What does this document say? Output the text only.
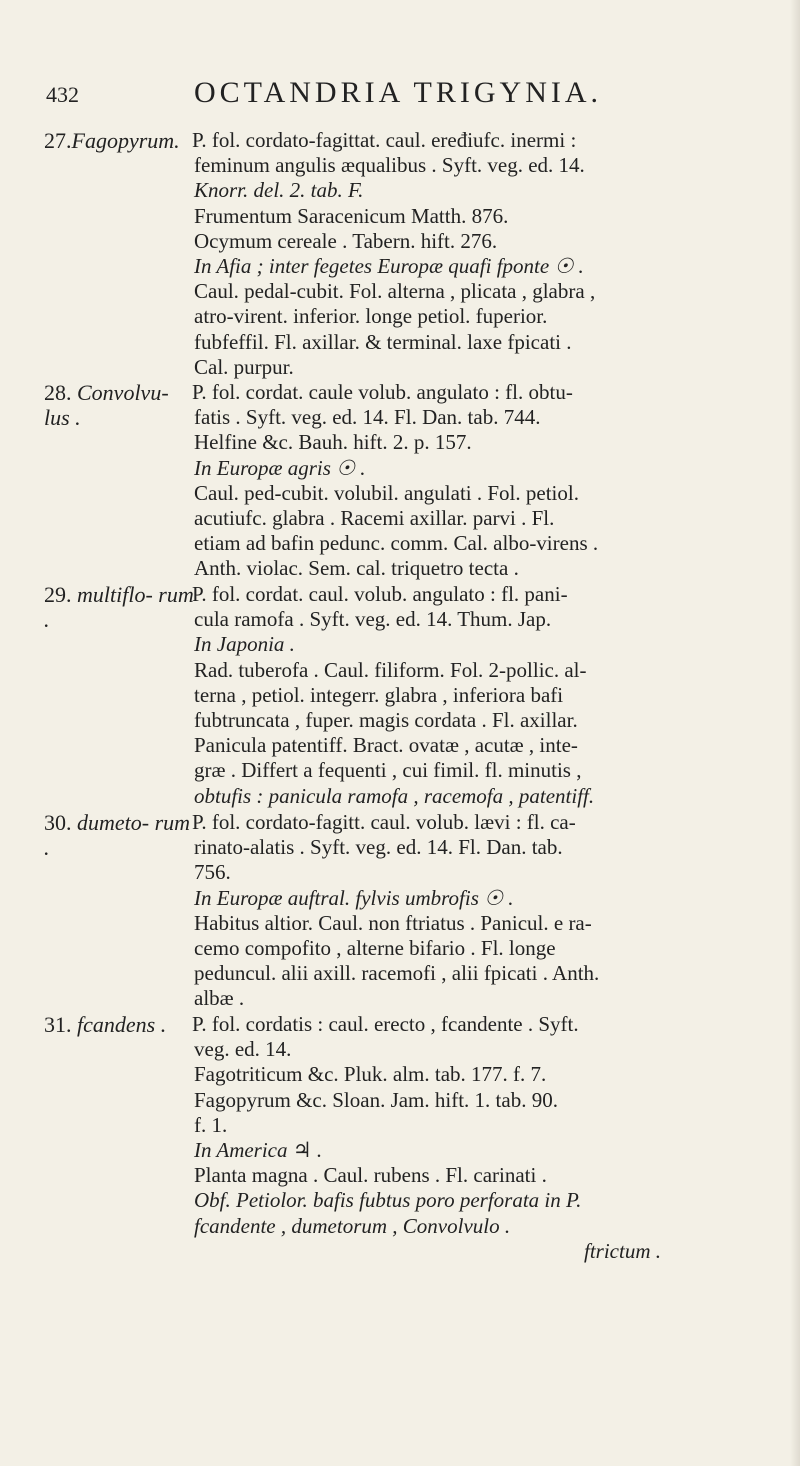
432	OCTANDRIA TRIGYNIA.
27.Fagopyrum. P. fol. cordato-fagittat. caul. eređiufc. inermi :
feminum angulis æqualibus . Syft. veg. ed. 14.
Knorr. del. 2. tab. F.
Frumentum Saracenicum Matth. 876.
Ocymum cereale . Tabern. hift. 276.
In Afia ; inter fegetes Europæ quafi fponte ☉ .
Caul. pedal-cubit. Fol. alterna , plicata , glabra ,
atro-virent. inferior. longe petiol. fuperior.
fubfeffil. Fl. axillar. & terminal. laxe fpicati .
Cal. purpur.
28. Convolvu- lus .
P. fol. cordat. caule volub. angulato : fl. obtu-
fatis . Syft. veg. ed. 14. Fl. Dan. tab. 744.
Helfine &c. Bauh. hift. 2. p. 157.
In Europæ agris ☉ .
Caul. ped-cubit. volubil. angulati . Fol. petiol.
acutiufc. glabra . Racemi axillar. parvi . Fl.
etiam ad bafin pedunc. comm. Cal. albo-virens .
Anth. violac. Sem. cal. triquetro tecta .
29. multiflo- rum .
P. fol. cordat. caul. volub. angulato : fl. pani-
cula ramofa . Syft. veg. ed. 14. Thum. Jap.
In Japonia .
Rad. tuberofa . Caul. filiform. Fol. 2-pollic. al-
terna , petiol. integerr. glabra , inferiora bafi
fubtruncata , fuper. magis cordata . Fl. axillar.
Panicula patentiff. Bract. ovatæ , acutæ , inte-
græ . Differt a fequenti , cui fimil. fl. minutis ,
obtufis : panicula ramofa , racemofa , patentiff.
30. dumeto- rum .
P. fol. cordato-fagitt. caul. volub. lævi : fl. ca-
rinato-alatis . Syft. veg. ed. 14. Fl. Dan. tab.
756.
In Europæ auftral. fylvis umbrofis ☉ .
Habitus altior. Caul. non ftriatus . Panicul. e ra-
cemo compofito , alterne bifario . Fl. longe
peduncul. alii axill. racemofi , alii fpicati . Anth.
albæ .
31. fcandens .	P. fol. cordatis : caul. erecto , fcandente . Syft.
veg. ed. 14.
Fagotriticum &c. Pluk. alm. tab. 177. f. 7.
Fagopyrum &c. Sloan. Jam. hift. 1. tab. 90.
f. 1.
In America ♃ .
Planta magna . Caul. rubens . Fl. carinati .
Obf. Petiolor. bafis fubtus poro perforata in P.
fcandente , dumetorum , Convolvulo .
ftrictum .
